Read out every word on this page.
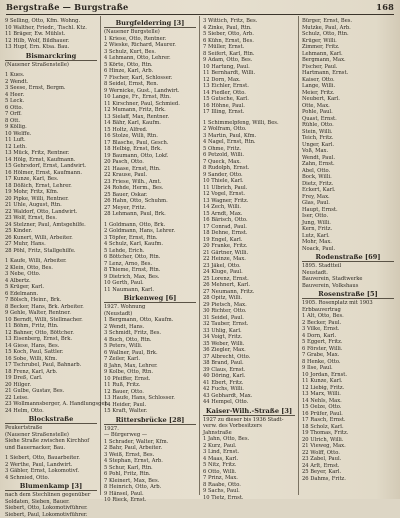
Bergstraße — Burgstraße	168
9 Selling, Otto, Kfm. Wohng.
10 Walther, Friedr., Tischl. Ktz.
11 Bräger, Ew. Mühlst.
12 Hilb, Wolf, Bildhauer.
13 Hupf, Ern. Ktsa. Bau.
Bismarckring
(Nauener Straßenstelle)
1 Kues.
2 Wendt.
3 Seese, Ernst, Bergm.
4 Heer.
5 Leck.
6 Otto.
7 Orff.
8 Ott.
9 Köllig.
10 Welffe.
11 Luft.
12 Leth.
13 Mück, Fritz, Rentner.
14 Hölg, Ernst, Kaufmann.
15 Gehrsdorf, Ernst, Landwirt.
16 Hölmer, Ernst, Kaufmann.
17 Kunze, Karl, Bes.
18 Dößich, Ernst, Lehrer.
19 Mohr, Fritz, Kfm.
20 Pipke, Willi, Rentner.
21 Uhle, August, Rtn.
22 Waldorf, Otto, Landwirt.
23 Wolf, Ernst, Bes.
24 Stelzner, Paul, Amtsgehilfe.
25 Kinder.
26 Kunert, Willi, Arbeiter.
27 Muhr, Hans.
28 Pöhl, Fritz, Stallgehilfe.
1 Kaufe, Willi, Arbeiter.
2 Klein, Otto, Bes.
3 Nebe, Otto.
4 Albertz.
5 Krüger, Karl.
6 Edelmann.
7 Bölsch, Heinr., Brk.
8 Becker, Hans, Brk. Arbeiter.
9 Gehle, Walter, Rentner.
10 Berndt, Willi, Stellmacher.
11 Böhm, Fritz, Rtn.
12 Bahner, Otto, Böttcher.
13 Eisenberg, Ernst, Brk.
14 Giese, Hans, Bes.
15 Koch, Paul, Sattler.
16 Sobe, Willi, Kfm.
17 Tschrubel, Paul, Bahnarb.
18 Frenz, Karl, Arb.
19 Dreß, Carl.
20 Hilger.
21 Gulbe, Gustav, Bes.
22 Leise.
23 Wollmannsberger, A. Handlungsgeh.
24 Helm, Otto.
Blockstraße
Peukertstraße
(Nauener Straßenstelle)
Siehe Straße zwischen Kirchhof
und Bauernacker, Bau.
1 Siebert, Otto, Bauarbeiter.
2 Werthe, Paul, Landwirt.
3 Gäbler, Ernst, Lokomotivf.
4 Schmied, Otto.
Blumenkamp [3]
nach dem Stechlinen gegenüber
Soldaten, Sieben, Bauer.
Siebert, Otto, Lokomotivführer.
Siebert, Paul, Lokomotivführer.
Burgfelderring [3]
(Nauener Burgstelle)
1 Kriese, Otto, Rentner.
2 Wieske, Richard, Maurer.
3 Schulz, Kurt, Bes.
4 Lehmann, Otto, Lehrer.
5 Körte, Otto, Rtn.
6 Hinze, Karl, Arb.
7 Fischer, Karl, Schlosser.
8 Seidel, Ernst, Ren.
9 Wernicke, Gust., Landwirt.
10 Lange, Fr., Ernst, Rtn.
11 Kirschner, Paul, Schmied.
12 Mumann, Fritz, Brk.
13 Sielaff, Max, Rentner.
14 Bähr, Karl, Kaufm.
15 Holtz, Alfred.
16 Stolze, Willi, Rtn.
17 Blasche, Paul, Gesch.
18 Helbig, Ernst, Brk.
19 Baumann, Otto, Lokf.
20 Pasch, Otto.
21 Haase, Ernst, Rtn.
22 Krause, Paul.
23 Friese, Wilh., Amt.
24 Rohde, Herm., Bes.
25 Bauer, Oskar.
26 Hahn, Otto, Schuhm.
27 Meyer, Fritz.
28 Lehmann, Paul, Brk.
1 Goldmann, Otto, Brk.
2 Goldmann, Hans, Lehrer.
3 Töpfer, Ernst, Rtn.
4 Schulz, Karl, Kaufm.
5 Lehde, Erich.
6 Böttcher, Otto, Rtn.
7 Lenz, Arno, Bes.
8 Thieme, Ernst, Rtn.
9 Dietrich, Max, Bes.
10 Gerth, Paul.
11 Naumann, Karl.
Birkenweg [6]
1927. Wohnung
(Neustadt)
1 Bergmann, Otto, Kaufm.
2 Wendt, Hans.
3 Schmidt, Fritz, Bes.
4 Buch, Otto, Rtn.
5 Peters, Willi.
6 Wallner, Paul, Brk.
7 Zeiler, Karl.
8 Jahn, Max, Lehrer.
9 Kolbe, Otto, Rtn.
10 Pfeiffer, Ernst.
11 Ruß, Fritz.
12 Bauer, Otto.
13 Haufe, Hans, Schlosser.
14 Heider, Paul.
15 Kraft, Walter.
Rittersbrücke [28]
1927.
— Bürgerweg —
1 Schrader, Walter, Kfm.
2 Bahr, Paul, Arbeiter.
3 Weiß, Ernst, Bes.
4 Stephan, Ernst, Arb.
5 Schur, Karl, Rtn.
6 Pohl, Fritz, Rtn.
7 Kleinert, Max, Bes.
8 Heinrich, Otto, Arb.
9 Hänsel, Paul.
10 Rieck, Ernst.
3 Wittich, Fritz, Bes.
4 Zinke, Paul, Rtn.
5 Sieber, Otto, Arb.
6 Kühn, Ernst, Bes.
7 Müller, Ernst.
8 Seifert, Karl, Rtn.
9 Adam, Otto, Bes.
10 Hartung, Paul.
11 Bernhardt, Willi.
12 Dorn, Max.
13 Eichler, Ernst.
14 Fiedler, Otto.
15 Gutsche, Karl.
16 Höhne, Paul.
17 Illing, Ernst.
1 Schimmelpfeng, Willi, Bes.
2 Wolfram, Otto.
3 Martin, Paul, Kfm.
4 Nagel, Ernst, Rtn.
5 Ohme, Fritz.
6 Petzold, Willi.
7 Queck, Max.
8 Rudolph, Ernst.
9 Sander, Otto.
10 Thiele, Karl.
11 Ulbrich, Paul.
12 Vogel, Ernst.
13 Wagner, Fritz.
14 Zech, Willi.
15 Arndt, Max.
16 Bärisch, Otto.
17 Conrad, Paul.
18 Dehne, Ernst.
19 Engel, Karl.
20 Franke, Fritz.
21 Gärtner, Willi.
22 Heinze, Max.
23 Jäkel, Otto.
24 Kluge, Paul.
25 Lorenz, Ernst.
26 Mehnert, Karl.
27 Neumann, Fritz.
28 Opitz, Willi.
29 Pietsch, Max.
30 Richter, Otto.
31 Seidel, Paul.
32 Tauber, Ernst.
33 Uhlig, Karl.
34 Voigt, Fritz.
35 Weber, Willi.
36 Ziegler, Max.
37 Albrecht, Otto.
38 Brand, Paul.
39 Claus, Ernst.
40 Döring, Karl.
41 Ebert, Fritz.
42 Fuchs, Willi.
43 Gebhardt, Max.
44 Hempel, Otto.
Kaiser-Wilh.-Straße [3]
1927 zu dieser bis 1936 Stadt-
verw. des Vorbesitzers
Jahnstraße
1 Jahn, Otto, Bes.
2 Kurz, Paul.
3 Lind, Ernst.
4 Maas, Karl.
5 Nitz, Fritz.
6 Otto, Willi.
7 Prinz, Max.
8 Raabe, Otto.
9 Sachs, Paul.
10 Tietz, Ernst.
Bürger, Ernst, Bes.
Mutzke, Paul, Arb.
Schulz, Otto, Rtn.
Krüger, Willi.
Zimmer, Fritz.
Lehmann, Karl.
Bergmann, Max.
Fischer, Paul.
Hartmann, Ernst.
Kaiser, Otto.
Lange, Willi.
Meier, Fritz.
Neubert, Karl.
Otte, Max.
Pohle, Paul.
Quast, Ernst.
Rühle, Otto.
Stein, Willi.
Teich, Fritz.
Unger, Karl.
Voß, Max.
Wendt, Paul.
Zahn, Ernst.
Abel, Otto.
Bock, Willi.
Dietz, Fritz.
Eckert, Karl.
Frey, Max.
Glas, Paul.
Haupt, Ernst.
Iser, Otto.
Jung, Willi.
Kern, Fritz.
Lutz, Karl.
Mohr, Max.
Noack, Paul.
Rodenstraße [69]
1895. Stadtteil
Neustadt.
Bauverein, Stadtwerke
Bauverein, Volkshaus
Rosenstraße [5]
1905. Rosenplatz mit 1903
Erbbauvertrag
1 Alt, Otto, Bes.
2 Becker, Paul.
3 Vilke, Ernst.
4 Dorn, Karl.
5 Eggert, Fritz.
6 Förster, Willi.
7 Grabe, Max.
8 Henke, Otto.
9 Ilse, Paul.
10 Jordan, Ernst.
11 Kunze, Karl.
12 Liebig, Fritz.
13 Marx, Willi.
14 Nehls, Max.
15 Oelze, Otto.
16 Prüfer, Paul.
17 Rasch, Ernst.
18 Scholz, Karl.
19 Thomas, Fritz.
20 Ulrich, Willi.
21 Vieweg, Max.
22 Wolff, Otto.
23 Zabel, Paul.
24 Arlt, Ernst.
25 Beyer, Karl.
26 Dahms, Fritz.
